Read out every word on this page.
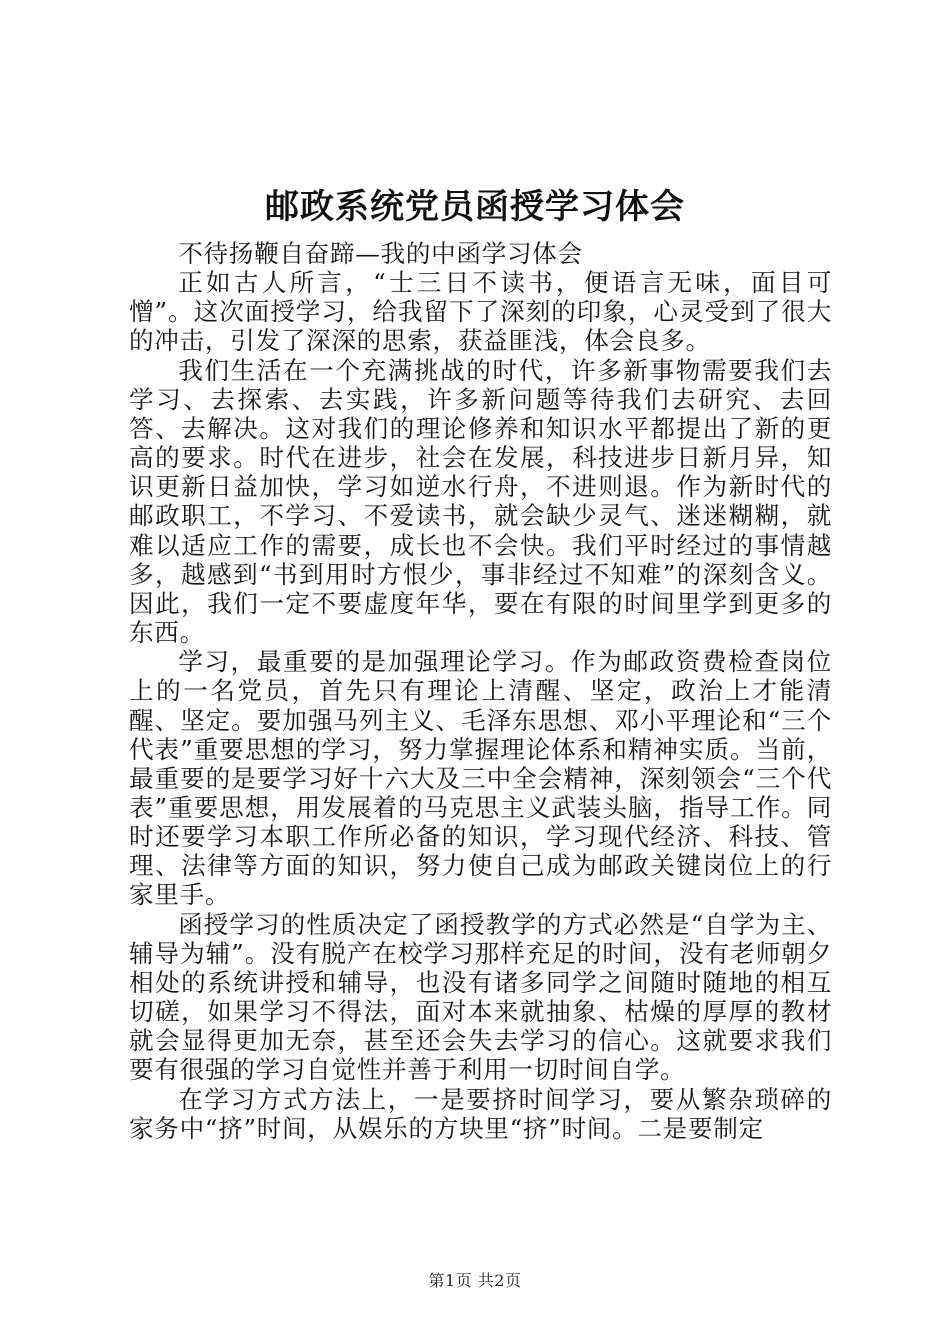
邮政系统党员函授学习体会

不待扬鞭自奋蹄—我的中函学习体会

正如古人所言，“士三日不读书，便语言无味，面目可憎”。这次面授学习，给我留下了深刻的印象，心灵受到了很大的冲击，引发了深深的思索，获益匪浅，体会良多。

我们生活在一个充满挑战的时代，许多新事物需要我们去学习、去探索、去实践，许多新问题等待我们去研究、去回答、去解决。这对我们的理论修养和知识水平都提出了新的更高的要求。时代在进步，社会在发展，科技进步日新月异，知识更新日益加快，学习如逆水行舟，不进则退。作为新时代的邮政职工，不学习、不爱读书，就会缺少灵气、迷迷糊糊，就难以适应工作的需要，成长也不会快。我们平时经过的事情越多，越感到“书到用时方恨少，事非经过不知难”的深刻含义。因此，我们一定不要虚度年华，要在有限的时间里学到更多的东西。

学习，最重要的是加强理论学习。作为邮政资费检查岗位上的一名党员，首先只有理论上清醒、坚定，政治上才能清醒、坚定。要加强马列主义、毛泽东思想、邓小平理论和“三个代表”重要思想的学习，努力掌握理论体系和精神实质。当前，最重要的是要学习好十六大及三中全会精神，深刻领会“三个代表”重要思想，用发展着的马克思主义武装头脑，指导工作。同时还要学习本职工作所必备的知识，学习现代经济、科技、管理、法律等方面的知识，努力使自己成为邮政关键岗位上的行家里手。

函授学习的性质决定了函授教学的方式必然是“自学为主、辅导为辅”。没有脱产在校学习那样充足的时间，没有老师朝夕相处的系统讲授和辅导，也没有诸多同学之间随时随地的相互切磋，如果学习不得法，面对本来就抽象、枯燥的厚厚的教材就会显得更加无奈，甚至还会失去学习的信心。这就要求我们要有很强的学习自觉性并善于利用一切时间自学。

在学习方式方法上，一是要挤时间学习，要从繁杂琐碎的家务中“挤”时间，从娱乐的方块里“挤”时间。二是要制定

第1页 共2页
